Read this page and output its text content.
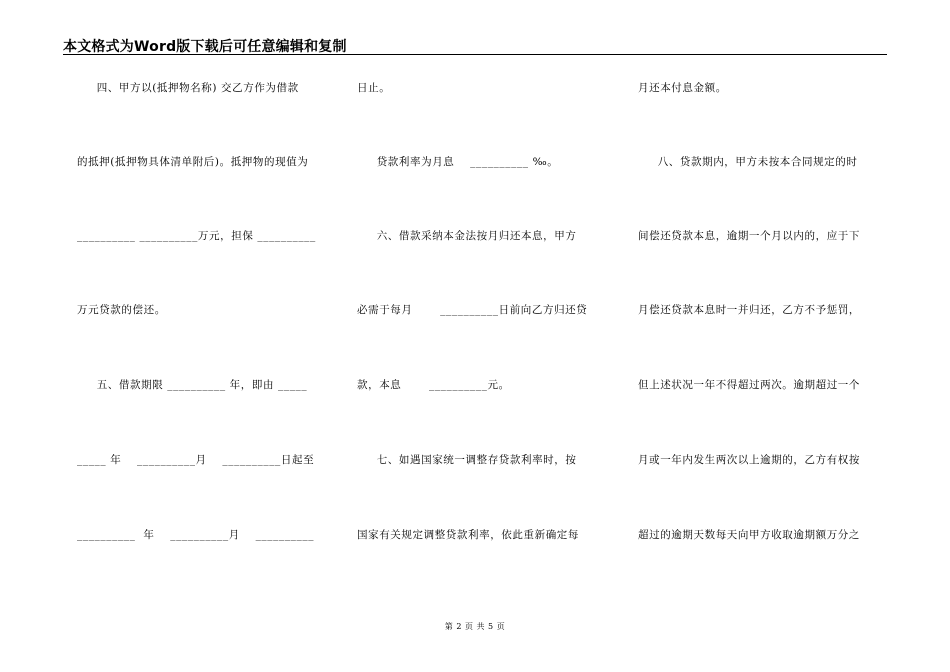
本文格式为Word版下载后可任意编辑和复制
四、甲方以(抵押物名称) 交乙方作为借款
的抵押(抵押物具体清单附后)。抵押物的现值为
__________ __________万元，担保 __________
万元贷款的偿还。
五、借款期限 __________ 年，即由 _____
_____ 年    __________月    __________日起至
__________  年    __________月    __________
日止。
贷款利率为月息    __________ ‰。
六、借款采纳本金法按月归还本息，甲方
必需于每月       __________日前向乙方归还贷
款，本息       __________元。
七、如遇国家统一调整存贷款利率时，按
国家有关规定调整贷款利率，依此重新确定每
月还本付息金额。
八、贷款期内，甲方未按本合同规定的时
间偿还贷款本息，逾期一个月以内的，应于下
月偿还贷款本息时一并归还，乙方不予惩罚，
但上述状况一年不得超过两次。逾期超过一个
月或一年内发生两次以上逾期的，乙方有权按
超过的逾期天数每天向甲方收取逾期额万分之
第 2 页 共 5 页
